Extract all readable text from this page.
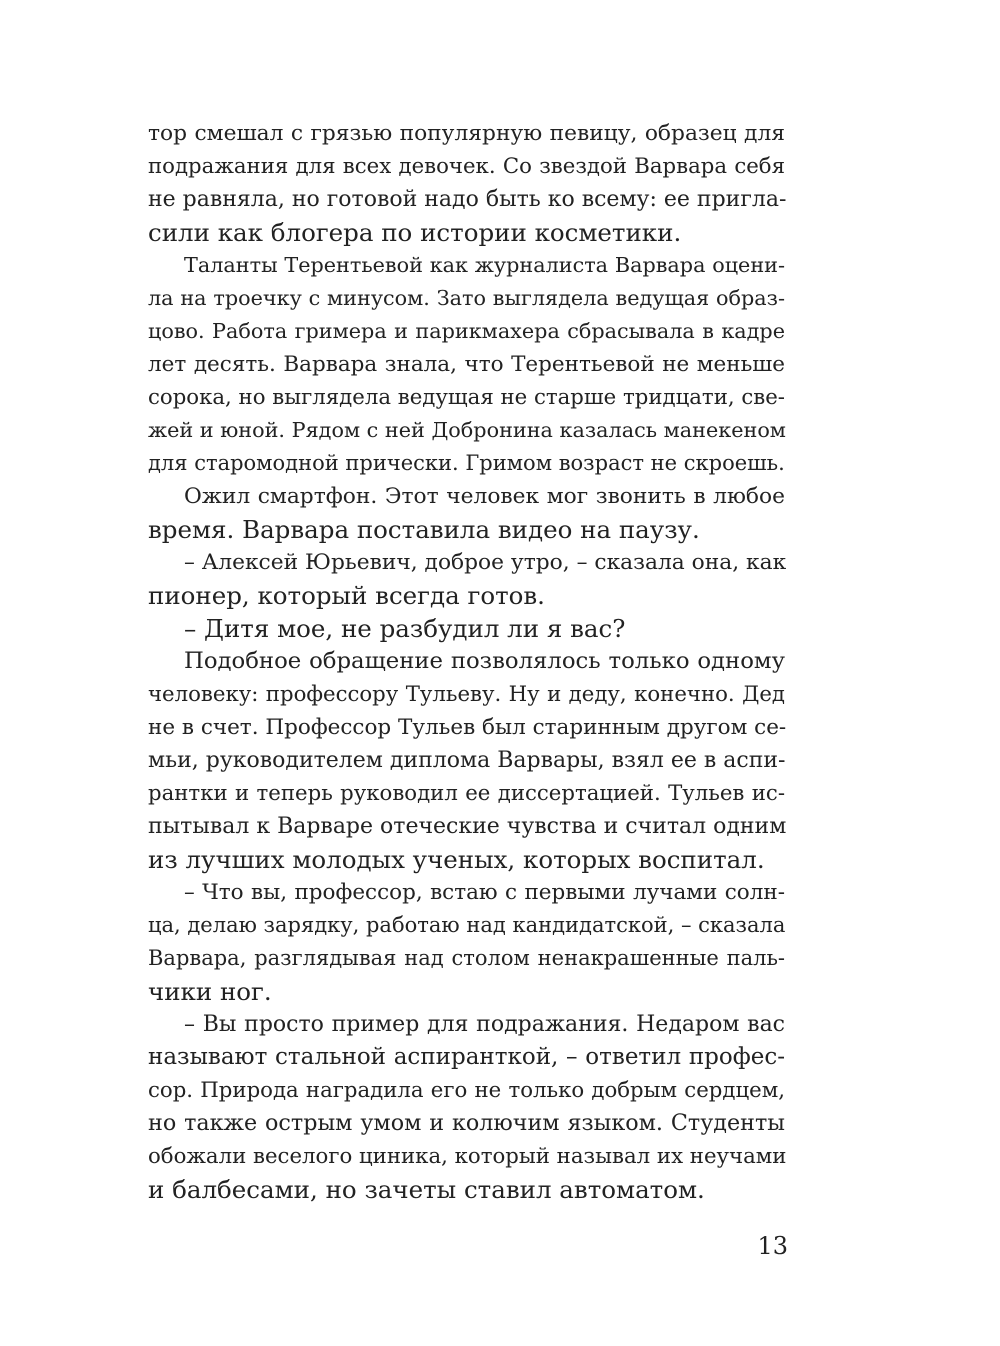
тор смешал с грязью популярную певицу, образец для
подражания для всех девочек. Со звездой Варвара себя
не равняла, но готовой надо быть ко всему: ее пригла-
сили как блогера по истории косметики.
Таланты Терентьевой как журналиста Варвара оцени-
ла на троечку с минусом. Зато выглядела ведущая образ-
цово. Работа гримера и парикмахера сбрасывала в кадре
лет десять. Варвара знала, что Терентьевой не меньше
сорока, но выглядела ведущая не старше тридцати, све-
жей и юной. Рядом с ней Добронина казалась манекеном
для старомодной прически. Гримом возраст не скроешь.
Ожил смартфон. Этот человек мог звонить в любое
время. Варвара поставила видео на паузу.
– Алексей Юрьевич, доброе утро, – сказала она, как
пионер, который всегда готов.
– Дитя мое, не разбудил ли я вас?
Подобное обращение позволялось только одному
человеку: профессору Тульеву. Ну и деду, конечно. Дед
не в счет. Профессор Тульев был старинным другом се-
мьи, руководителем диплома Варвары, взял ее в аспи-
рантки и теперь руководил ее диссертацией. Тульев ис-
пытывал к Варваре отеческие чувства и считал одним
из лучших молодых ученых, которых воспитал.
– Что вы, профессор, встаю с первыми лучами солн-
ца, делаю зарядку, работаю над кандидатской, – сказала
Варвара, разглядывая над столом ненакрашенные паль-
чики ног.
– Вы просто пример для подражания. Недаром вас
называют стальной аспиранткой, – ответил профес-
сор. Природа наградила его не только добрым сердцем,
но также острым умом и колючим языком. Студенты
обожали веселого циника, который называл их неучами
и балбесами, но зачеты ставил автоматом.
13
